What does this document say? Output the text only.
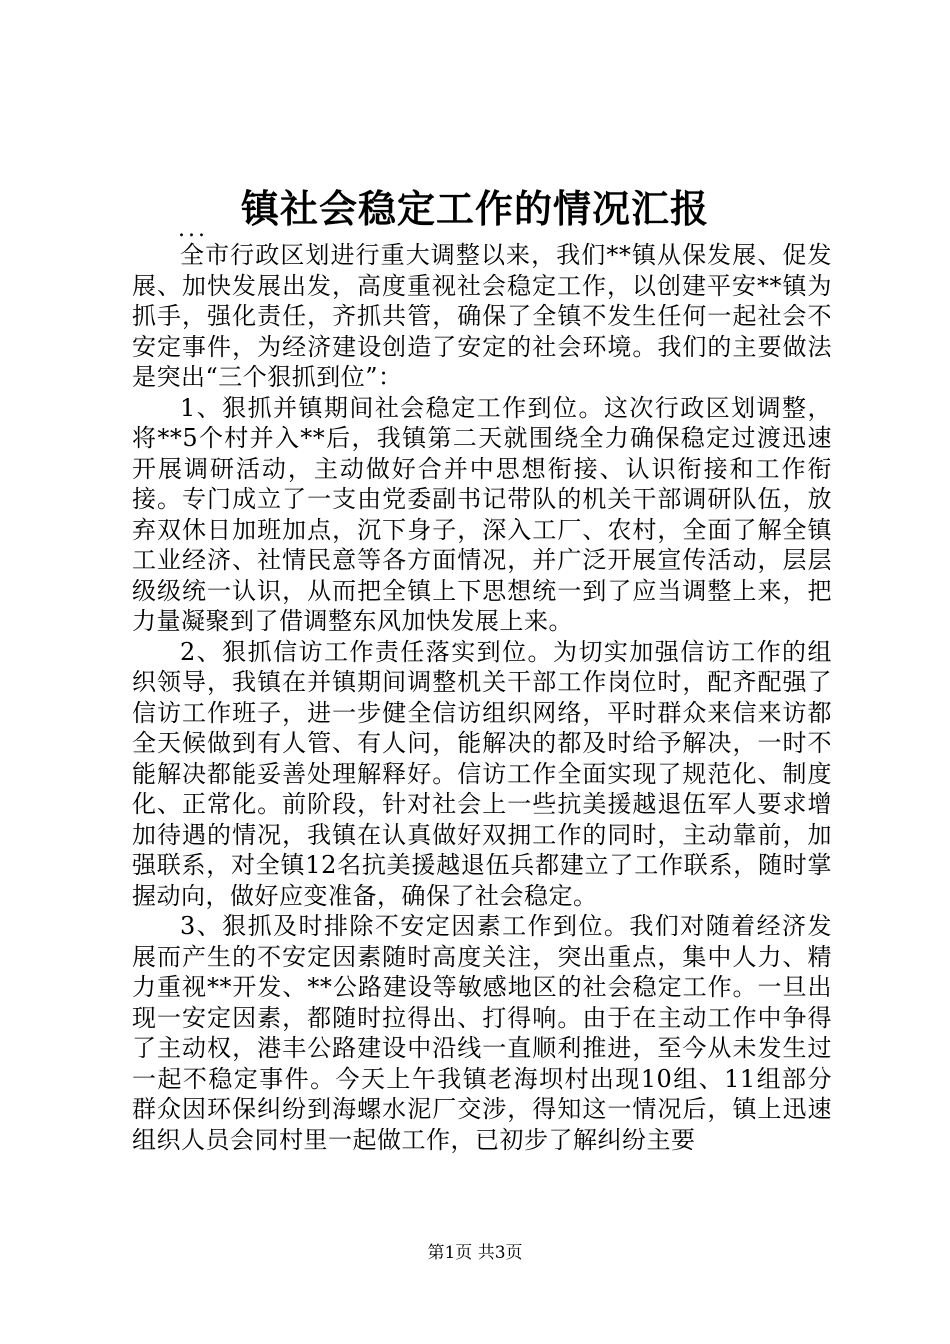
镇社会稳定工作的情况汇报
...

全市行政区划进行重大调整以来，我们**镇从保发展、促发展、加快发展出发，高度重视社会稳定工作，以创建平安**镇为抓手，强化责任，齐抓共管，确保了全镇不发生任何一起社会不安定事件，为经济建设创造了安定的社会环境。我们的主要做法是突出“三个狠抓到位”：

1、狠抓并镇期间社会稳定工作到位。这次行政区划调整，将**5个村并入**后，我镇第二天就围绕全力确保稳定过渡迅速开展调研活动，主动做好合并中思想衔接、认识衔接和工作衔接。专门成立了一支由党委副书记带队的机关干部调研队伍，放弃双休日加班加点，沉下身子，深入工厂、农村，全面了解全镇工业经济、社情民意等各方面情况，并广泛开展宣传活动，层层级级统一认识，从而把全镇上下思想统一到了应当调整上来，把力量凝聚到了借调整东风加快发展上来。

2、狠抓信访工作责任落实到位。为切实加强信访工作的组织领导，我镇在并镇期间调整机关干部工作岗位时，配齐配强了信访工作班子，进一步健全信访组织网络，平时群众来信来访都全天候做到有人管、有人问，能解决的都及时给予解决，一时不能解决都能妥善处理解释好。信访工作全面实现了规范化、制度化、正常化。前阶段，针对社会上一些抗美援越退伍军人要求增加待遇的情况，我镇在认真做好双拥工作的同时，主动靠前，加强联系，对全镇12名抗美援越退伍兵都建立了工作联系，随时掌握动向，做好应变准备，确保了社会稳定。

3、狠抓及时排除不安定因素工作到位。我们对随着经济发展而产生的不安定因素随时高度关注，突出重点，集中人力、精力重视**开发、**公路建设等敏感地区的社会稳定工作。一旦出现一安定因素，都随时拉得出、打得响。由于在主动工作中争得了主动权，港丰公路建设中沿线一直顺利推进，至今从未发生过一起不稳定事件。今天上午我镇老海坝村出现10组、11组部分群众因环保纠纷到海螺水泥厂交涉，得知这一情况后，镇上迅速组织人员会同村里一起做工作，已初步了解纠纷主要

第1页 共3页
